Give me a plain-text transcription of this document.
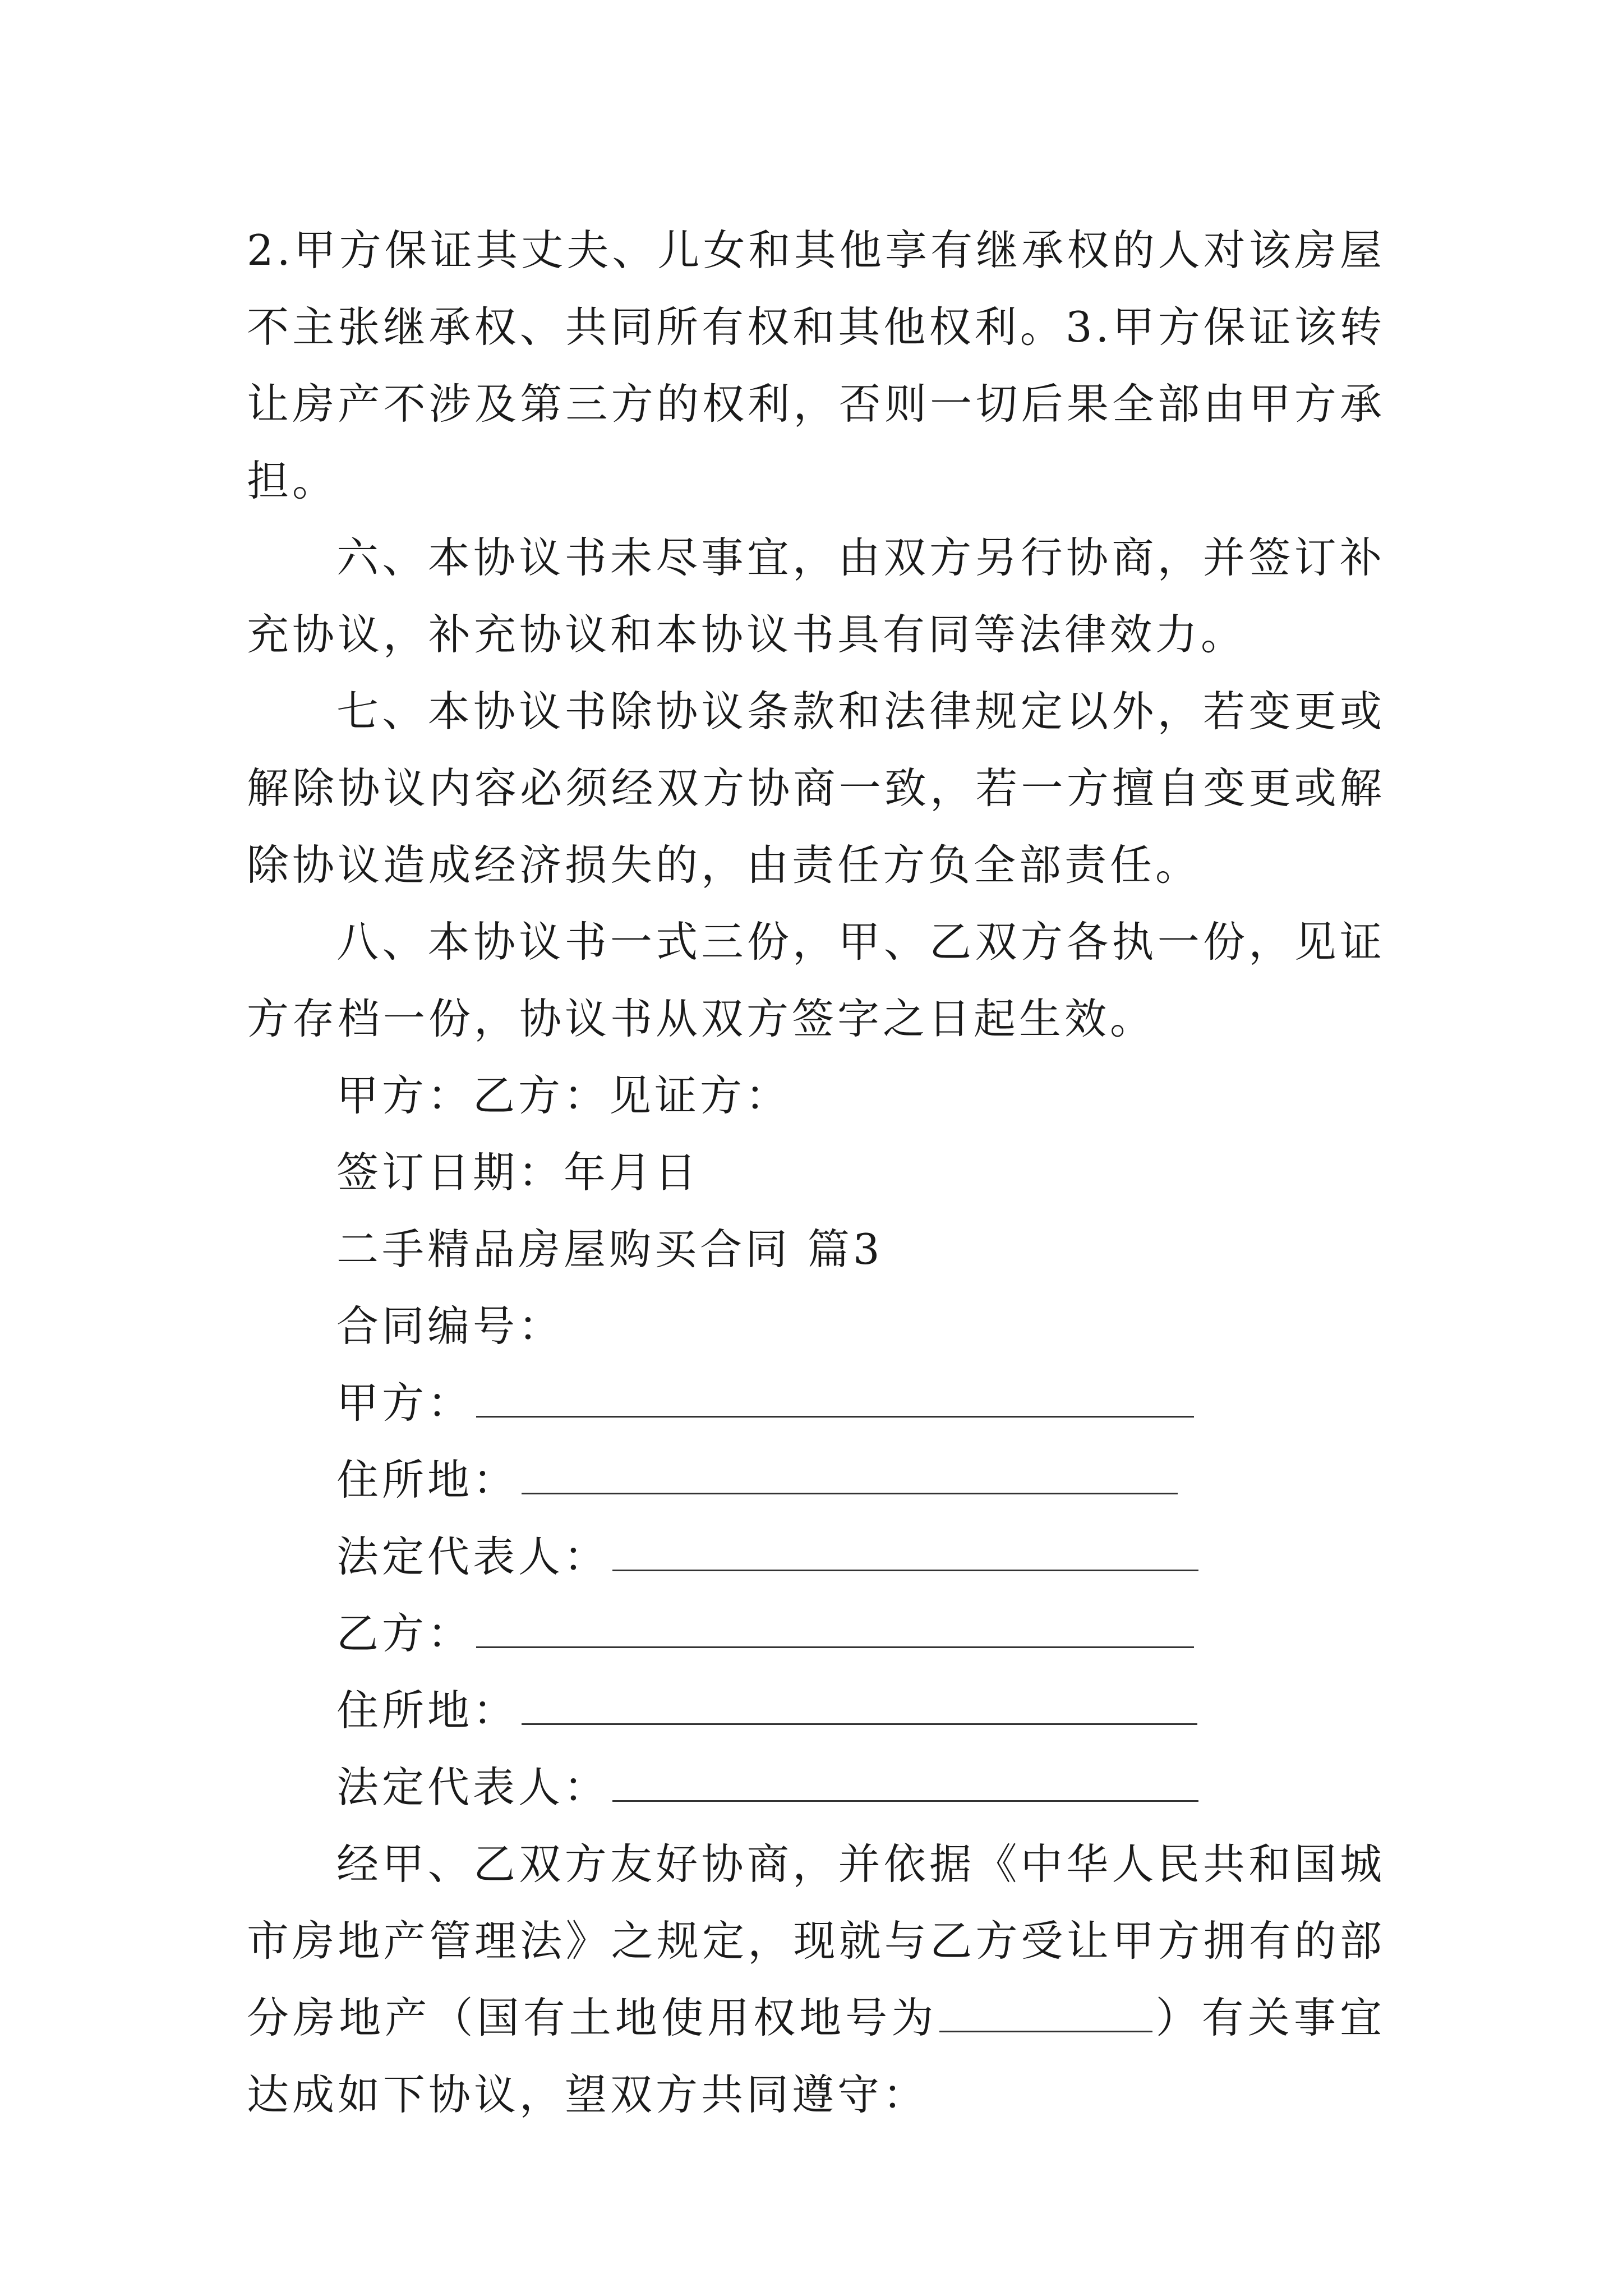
2.甲方保证其丈夫、儿女和其他享有继承权的人对该房屋不主张继承权、共同所有权和其他权利。3.甲方保证该转让房产不涉及第三方的权利，否则一切后果全部由甲方承担。

六、本协议书未尽事宜，由双方另行协商，并签订补充协议，补充协议和本协议书具有同等法律效力。

七、本协议书除协议条款和法律规定以外，若变更或解除协议内容必须经双方协商一致，若一方擅自变更或解除协议造成经济损失的，由责任方负全部责任。

八、本协议书一式三份，甲、乙双方各执一份，见证方存档一份，协议书从双方签字之日起生效。

甲方：乙方：见证方：

签订日期：年月日

二手精品房屋购买合同 篇3

合同编号：

甲方：

住所地：

法定代表人：

乙方：

住所地：

法定代表人：

经甲、乙双方友好协商，并依据《中华人民共和国城市房地产管理法》之规定，现就与乙方受让甲方拥有的部分房地产（国有土地使用权地号为	）有关事宜达成如下协议，望双方共同遵守：
